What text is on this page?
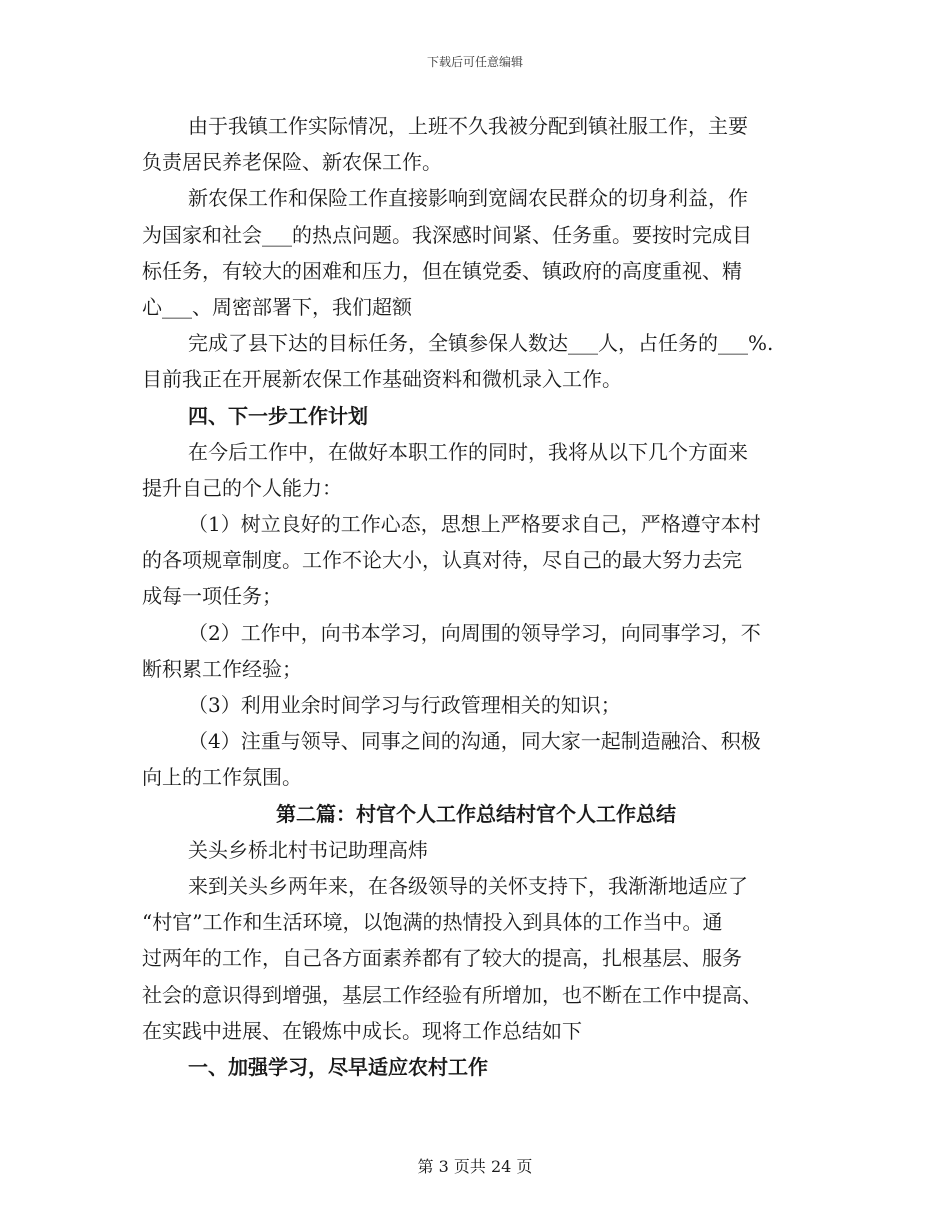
下载后可任意编辑
由于我镇工作实际情况，上班不久我被分配到镇社服工作，主要
负责居民养老保险、新农保工作。
新农保工作和保险工作直接影响到宽阔农民群众的切身利益，作
为国家和社会___的热点问题。我深感时间紧、任务重。要按时完成目
标任务，有较大的困难和压力，但在镇党委、镇政府的高度重视、精
心___、周密部署下，我们超额
完成了县下达的目标任务，全镇参保人数达___人，占任务的___%.
目前我正在开展新农保工作基础资料和微机录入工作。
四、下一步工作计划
在今后工作中，在做好本职工作的同时，我将从以下几个方面来
提升自己的个人能力：
（1）树立良好的工作心态，思想上严格要求自己，严格遵守本村
的各项规章制度。工作不论大小，认真对待，尽自己的最大努力去完
成每一项任务；
（2）工作中，向书本学习，向周围的领导学习，向同事学习，不
断积累工作经验；
（3）利用业余时间学习与行政管理相关的知识；
（4）注重与领导、同事之间的沟通，同大家一起制造融洽、积极
向上的工作氛围。
第二篇：村官个人工作总结村官个人工作总结
关头乡桥北村书记助理高炜
来到关头乡两年来，在各级领导的关怀支持下，我渐渐地适应了
“村官”工作和生活环境，以饱满的热情投入到具体的工作当中。通
过两年的工作，自己各方面素养都有了较大的提高，扎根基层、服务
社会的意识得到增强，基层工作经验有所增加，也不断在工作中提高、
在实践中进展、在锻炼中成长。现将工作总结如下
一、加强学习，尽早适应农村工作
第 3 页共 24 页
